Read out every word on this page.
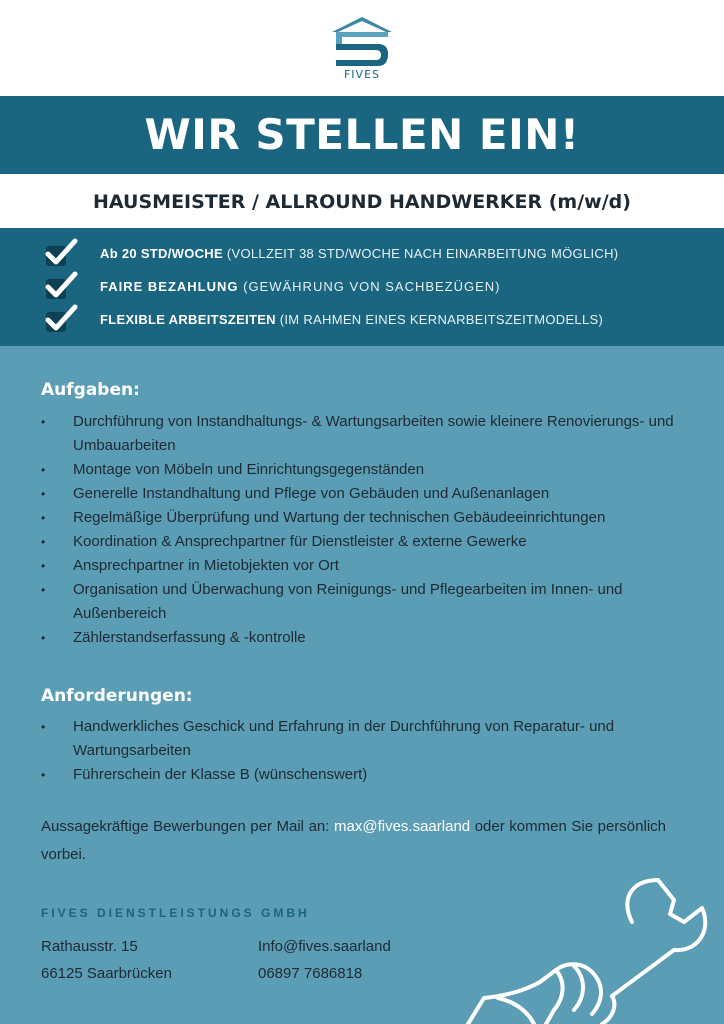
FIVES
WIR STELLEN EIN!
HAUSMEISTER / ALLROUND HANDWERKER (m/w/d)
Ab 20 STD/WOCHE (VOLLZEIT 38 STD/WOCHE NACH EINARBEITUNG MÖGLICH)
FAIRE BEZAHLUNG (GEWÄHRUNG VON SACHBEZÜGEN)
FLEXIBLE ARBEITSZEITEN (IM RAHMEN EINES KERNARBEITSZEITMODELLS)
Aufgaben:
• Durchführung von Instandhaltungs- & Wartungsarbeiten sowie kleinere Renovierungs- und Umbauarbeiten
• Montage von Möbeln und Einrichtungsgegenständen
• Generelle Instandhaltung und Pflege von Gebäuden und Außenanlagen
• Regelmäßige Überprüfung und Wartung der technischen Gebäudeeinrichtungen
• Koordination & Ansprechpartner für Dienstleister & externe Gewerke
• Ansprechpartner in Mietobjekten vor Ort
• Organisation und Überwachung von Reinigungs- und Pflegearbeiten im Innen- und Außenbereich
• Zählerstandserfassung & -kontrolle
Anforderungen:
• Handwerkliches Geschick und Erfahrung in der Durchführung von Reparatur- und Wartungsarbeiten
• Führerschein der Klasse B (wünschenswert)
Aussagekräftige Bewerbungen per Mail an: max@fives.saarland oder kommen Sie persönlich vorbei.
FIVES DIENSTLEISTUNGS GMBH
Rathausstr. 15
66125 Saarbrücken
Info@fives.saarland
06897 7686818
